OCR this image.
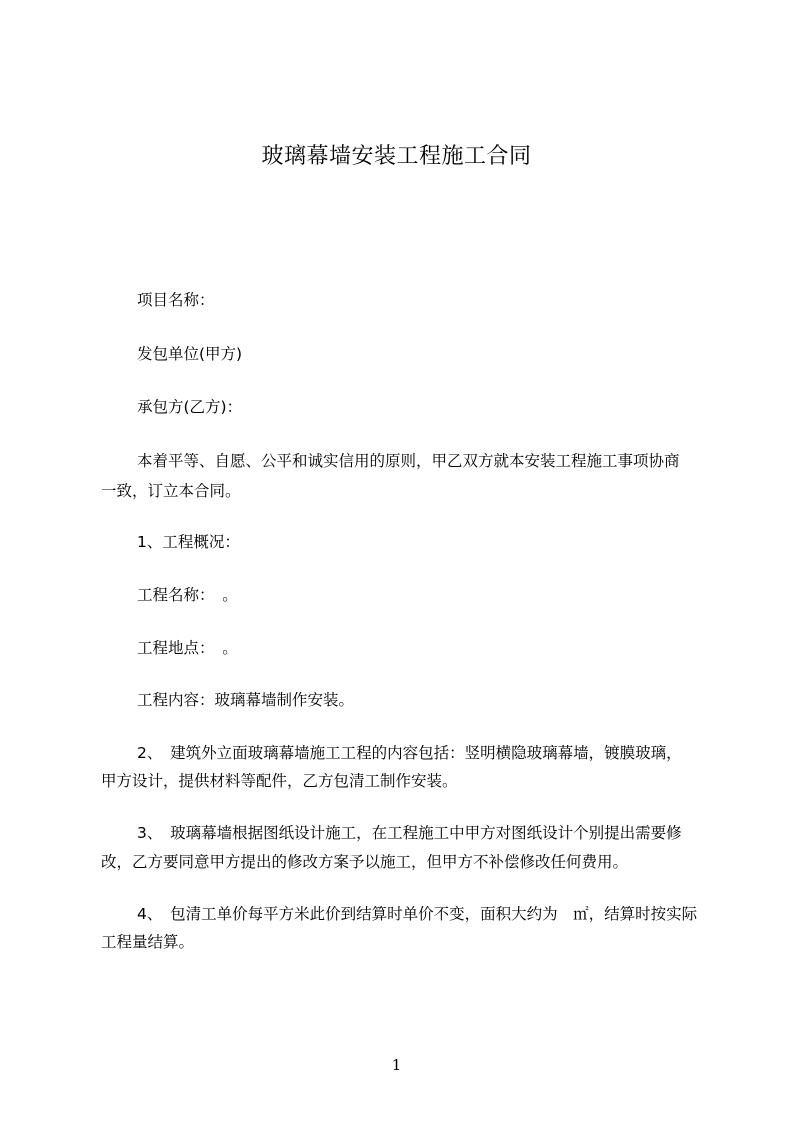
玻璃幕墙安装工程施工合同
项目名称：
发包单位(甲方)
承包方(乙方)：
本着平等、自愿、公平和诚实信用的原则，甲乙双方就本安装工程施工事项协商
一致，订立本合同。
1、工程概况：
工程名称：　。
工程地点：　。
工程内容：玻璃幕墙制作安装。
2、　建筑外立面玻璃幕墙施工工程的内容包括：竖明横隐玻璃幕墙，镀膜玻璃，
甲方设计，提供材料等配件，乙方包清工制作安装。
3、　玻璃幕墙根据图纸设计施工，在工程施工中甲方对图纸设计个别提出需要修
改，乙方要同意甲方提出的修改方案予以施工，但甲方不补偿修改任何费用。
4、　包清工单价每平方米此价到结算时单价不变，面积大约为　㎡，结算时按实际
工程量结算。
1
